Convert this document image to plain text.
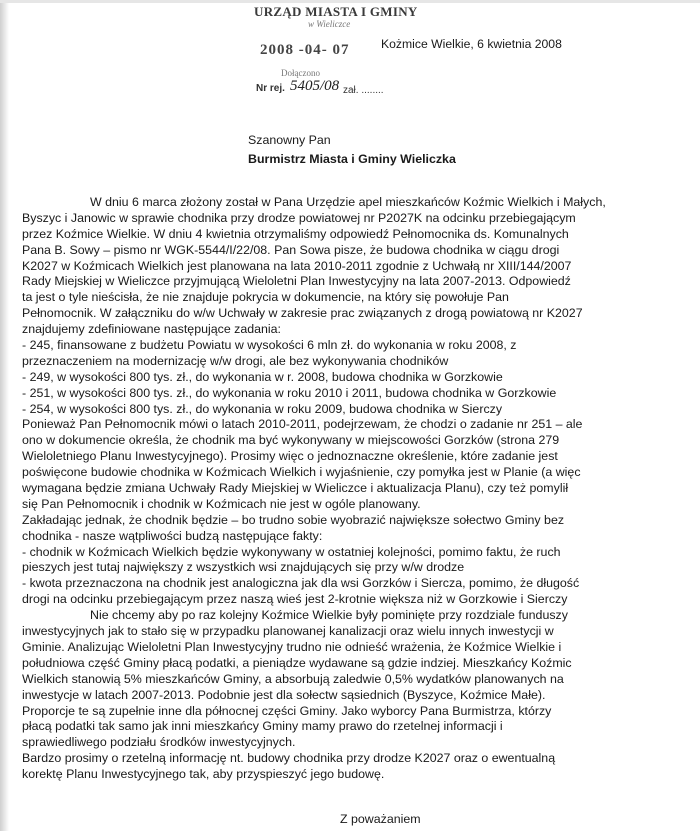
URZĄD MIASTA I GMINY
w Wieliczce
2008 -04- 07
Dołączono
Nr rej. 5405/08 zał. ........
Kożmice Wielkie, 6 kwietnia 2008
Szanowny Pan
Burmistrz Miasta i Gminy Wieliczka
W dniu 6 marca złożony został w Pana Urzędzie apel mieszkańców Koźmic Wielkich i Małych,
Byszyc i Janowic w sprawie chodnika przy drodze powiatowej nr P2027K na odcinku przebiegającym
przez Koźmice Wielkie. W dniu 4 kwietnia otrzymaliśmy odpowiedź Pełnomocnika ds. Komunalnych
Pana B. Sowy – pismo nr WGK-5544/I/22/08. Pan Sowa pisze, że budowa chodnika w ciągu drogi
K2027 w Koźmicach Wielkich jest planowana na lata 2010-2011 zgodnie z Uchwałą nr XIII/144/2007
Rady Miejskiej w Wieliczce przyjmującą Wieloletni Plan Inwestycyjny na lata 2007-2013. Odpowiedź
ta jest o tyle nieścisła, że nie znajduje pokrycia w dokumencie, na który się powołuje Pan
Pełnomocnik. W załączniku do w/w Uchwały w zakresie prac związanych z drogą powiatową nr K2027
znajdujemy zdefiniowane następujące zadania:
- 245, finansowane z budżetu Powiatu w wysokości 6 mln zł. do wykonania w roku 2008, z
przeznaczeniem na modernizację w/w drogi, ale bez wykonywania chodników
- 249, w wysokości 800 tys. zł., do wykonania w r. 2008, budowa chodnika w Gorzkowie
- 251, w wysokości 800 tys. zł., do wykonania w roku 2010 i 2011, budowa chodnika w Gorzkowie
- 254, w wysokości 800 tys. zł., do wykonania w roku 2009, budowa chodnika w Sierczy
Ponieważ Pan Pełnomocnik mówi o latach 2010-2011, podejrzewam, że chodzi o zadanie nr 251 – ale
ono w dokumencie określa, że chodnik ma być wykonywany w miejscowości Gorzków (strona 279
Wieloletniego Planu Inwestycyjnego). Prosimy więc o jednoznaczne określenie, które zadanie jest
poświęcone budowie chodnika w Koźmicach Wielkich i wyjaśnienie, czy pomyłka jest w Planie (a więc
wymagana będzie zmiana Uchwały Rady Miejskiej w Wieliczce i aktualizacja Planu), czy też pomylił
się Pan Pełnomocnik i chodnik w Koźmicach nie jest w ogóle planowany.
Zakładając jednak, że chodnik będzie – bo trudno sobie wyobrazić największe sołectwo Gminy bez
chodnika - nasze wątpliwości budzą następujące fakty:
- chodnik w Koźmicach Wielkich będzie wykonywany w ostatniej kolejności, pomimo faktu, że ruch
pieszych jest tutaj największy z wszystkich wsi znajdujących się przy w/w drodze
- kwota przeznaczona na chodnik jest analogiczna jak dla wsi Gorzków i Siercza, pomimo, że długość
drogi na odcinku przebiegającym przez naszą wieś jest 2-krotnie większa niż w Gorzkowie i Sierczy
Nie chcemy aby po raz kolejny Koźmice Wielkie były pominięte przy rozdziale funduszy
inwestycyjnych jak to stało się w przypadku planowanej kanalizacji oraz wielu innych inwestycji w
Gminie. Analizując Wieloletni Plan Inwestycyjny trudno nie odnieść wrażenia, że Koźmice Wielkie i
południowa część Gminy płacą podatki, a pieniądze wydawane są gdzie indziej. Mieszkańcy Koźmic
Wielkich stanowią 5% mieszkańców Gminy, a absorbują zaledwie 0,5% wydatków planowanych na
inwestycje w latach 2007-2013. Podobnie jest dla sołectw sąsiednich (Byszyce, Koźmice Małe).
Proporcje te są zupełnie inne dla północnej części Gminy. Jako wyborcy Pana Burmistrza, którzy
płacą podatki tak samo jak inni mieszkańcy Gminy mamy prawo do rzetelnej informacji i
sprawiedliwego podziału środków inwestycyjnych.
Bardzo prosimy o rzetelną informację nt. budowy chodnika przy drodze K2027 oraz o ewentualną
korektę Planu Inwestycyjnego tak, aby przyspieszyć jego budowę.
Z poważaniem
